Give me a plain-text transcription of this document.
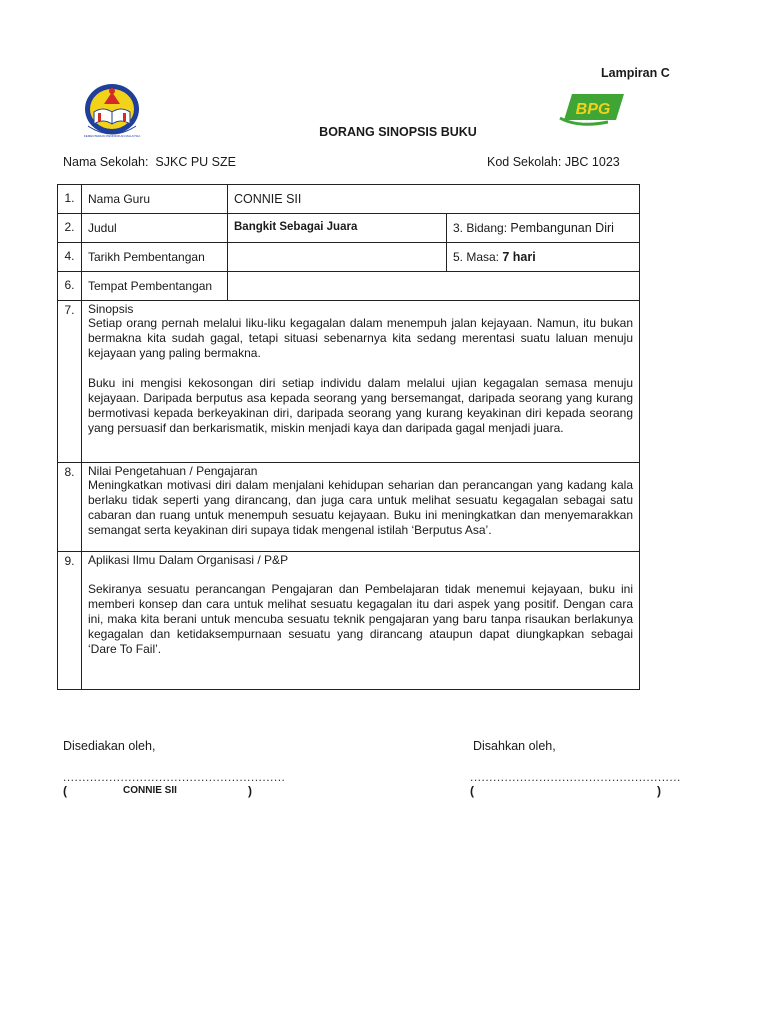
Lampiran C
KEMENTERIAN PENDIDIKAN MALAYSIA
BPG
BORANG SINOPSIS BUKU
Nama Sekolah: SJKC PU SZE	Kod Sekolah: JBC 1023
1.	Nama Guru	CONNIE SII	
2.	Judul	Bangkit Sebagai Juara	3. Bidang: Pembangunan Diri
4.	Tarikh Pembentangan		5. Masa: 7 hari
6.	Tempat Pembentangan		
7.	Sinopsis

Setiap orang pernah melalui liku-liku kegagalan dalam menempuh jalan kejayaan. Namun, itu bukan bermakna kita sudah gagal, tetapi situasi sebenarnya kita sedang merentasi suatu laluan menuju kejayaan yang paling bermakna.

Buku ini mengisi kekosongan diri setiap individu dalam melalui ujian kegagalan semasa menuju kejayaan. Daripada berputus asa kepada seorang yang bersemangat, daripada seorang yang kurang bermotivasi kepada berkeyakinan diri, daripada seorang yang kurang keyakinan diri kepada seorang yang persuasif dan berkarismatik, miskin menjadi kaya dan daripada gagal menjadi juara.		

8.	Nilai Pengetahuan / Pengajaran

Meningkatkan motivasi diri dalam menjalani kehidupan seharian dan perancangan yang kadang kala berlaku tidak seperti yang dirancang, dan juga cara untuk melihat sesuatu kegagalan sebagai satu cabaran dan ruang untuk menempuh sesuatu kejayaan. Buku ini meningkatkan dan menyemarakkan semangat serta keyakinan diri supaya tidak mengenal istilah ‘Berputus Asa’.		

9.	Aplikasi Ilmu Dalam Organisasi / P&P

Sekiranya sesuatu perancangan Pengajaran dan Pembelajaran tidak menemui kejayaan, buku ini memberi konsep dan cara untuk melihat sesuatu kegagalan itu dari aspek yang positif. Dengan cara ini, maka kita berani untuk mencuba sesuatu teknik pengajaran yang baru tanpa risaukan berlakunya kegagalan dan ketidaksempurnaan sesuatu yang dirancang ataupun dapat diungkapkan sebagai ‘Dare To Fail’.		

Disediakan oleh,	Disahkan oleh,
..........................................................	.......................................................
(	CONNIE SII	)	(	)
